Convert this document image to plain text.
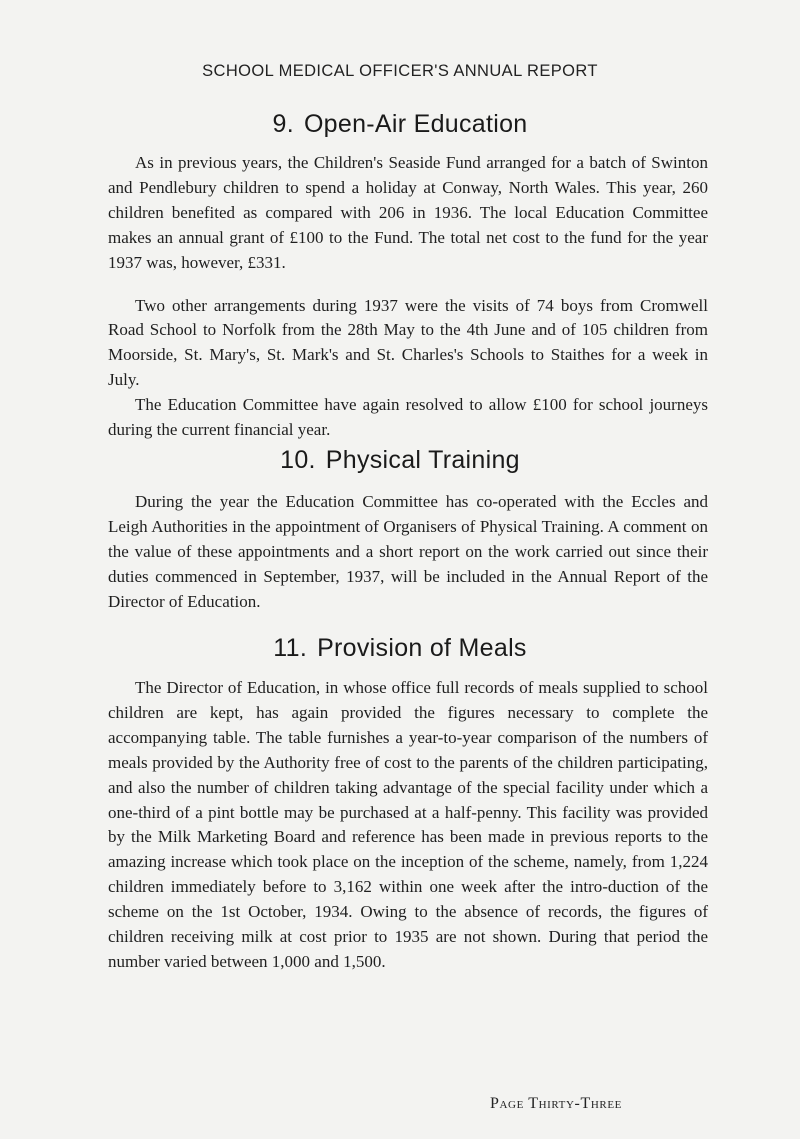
SCHOOL MEDICAL OFFICER'S ANNUAL REPORT
9. Open-Air Education

As in previous years, the Children's Seaside Fund arranged for a batch of Swinton and Pendlebury children to spend a holiday at Conway, North Wales. This year, 260 children benefited as compared with 206 in 1936. The local Education Committee makes an annual grant of £100 to the Fund. The total net cost to the fund for the year 1937 was, however, £331.

Two other arrangements during 1937 were the visits of 74 boys from Cromwell Road School to Norfolk from the 28th May to the 4th June and of 105 children from Moorside, St. Mary's, St. Mark's and St. Charles's Schools to Staithes for a week in July.

The Education Committee have again resolved to allow £100 for school journeys during the current financial year.

10. Physical Training

During the year the Education Committee has co-operated with the Eccles and Leigh Authorities in the appointment of Organisers of Physical Training. A comment on the value of these appointments and a short report on the work carried out since their duties commenced in September, 1937, will be included in the Annual Report of the Director of Education.

11. Provision of Meals

The Director of Education, in whose office full records of meals supplied to school children are kept, has again provided the figures necessary to complete the accompanying table. The table furnishes a year-to-year comparison of the numbers of meals provided by the Authority free of cost to the parents of the children participating, and also the number of children taking advantage of the special facility under which a one-third of a pint bottle may be purchased at a half-penny. This facility was provided by the Milk Marketing Board and reference has been made in previous reports to the amazing increase which took place on the inception of the scheme, namely, from 1,224 children immediately before to 3,162 within one week after the intro-duction of the scheme on the 1st October, 1934. Owing to the absence of records, the figures of children receiving milk at cost prior to 1935 are not shown. During that period the number varied between 1,000 and 1,500.

Page Thirty-Three
